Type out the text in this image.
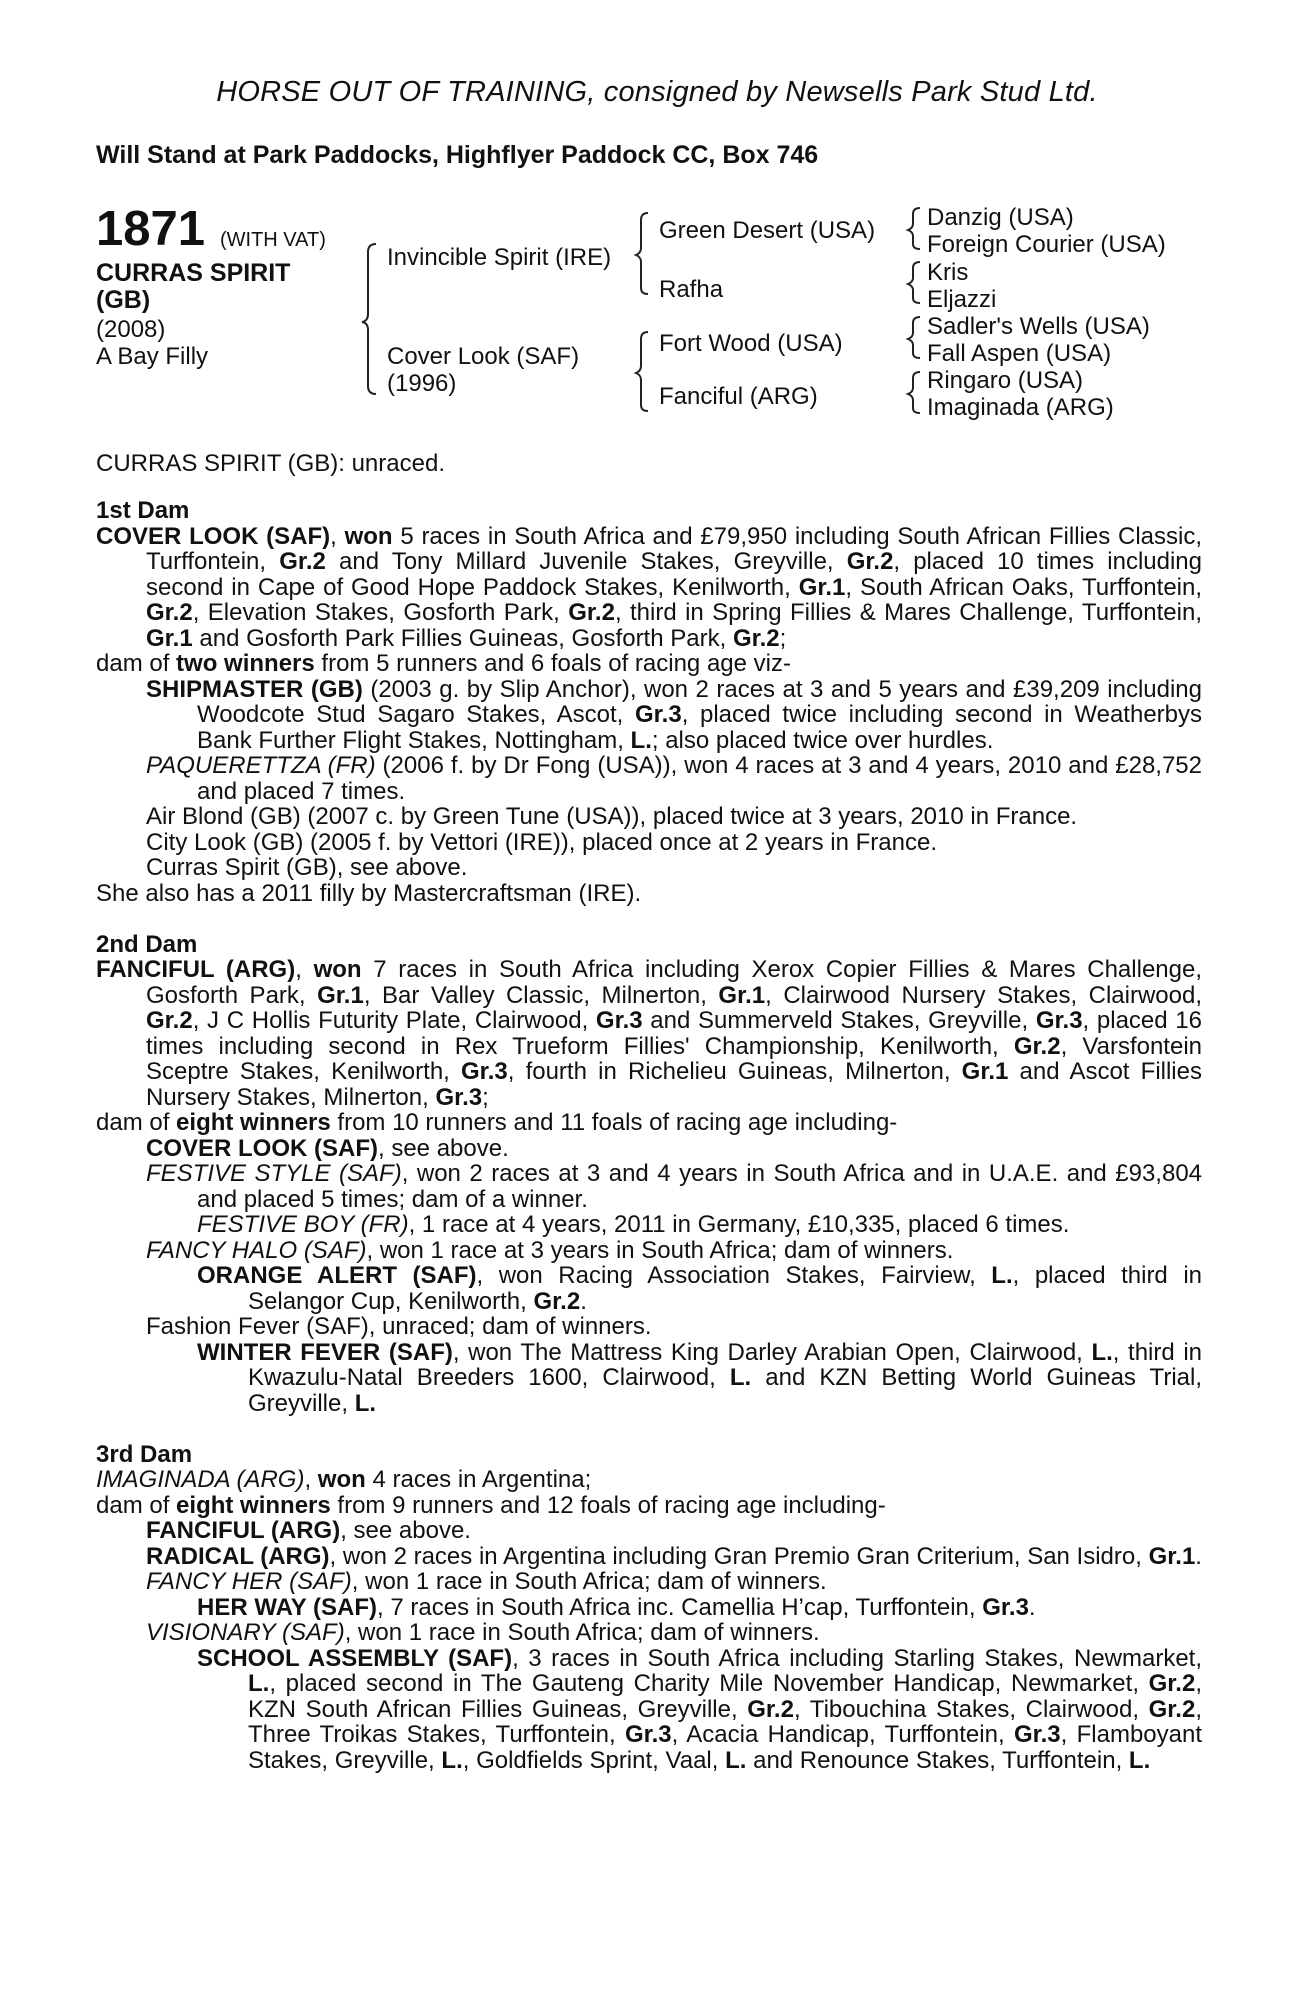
HORSE OUT OF TRAINING, consigned by Newsells Park Stud Ltd.
Will Stand at Park Paddocks, Highflyer Paddock CC, Box 746
1871 (WITH VAT)
CURRAS SPIRIT
(GB)
(2008)
A Bay Filly
Invincible Spirit (IRE)
Cover Look (SAF)
(1996)
Green Desert (USA)
Rafha
Fort Wood (USA)
Fanciful (ARG)
Danzig (USA)
Foreign Courier (USA)
Kris
Eljazzi
Sadler's Wells (USA)
Fall Aspen (USA)
Ringaro (USA)
Imaginada (ARG)
CURRAS SPIRIT (GB): unraced.

1st Dam

COVER LOOK (SAF), won 5 races in South Africa and £79,950 including South African Fillies Classic, Turffontein, Gr.2 and Tony Millard Juvenile Stakes, Greyville, Gr.2, placed 10 times including second in Cape of Good Hope Paddock Stakes, Kenilworth, Gr.1, South African Oaks, Turffontein, Gr.2, Elevation Stakes, Gosforth Park, Gr.2, third in Spring Fillies & Mares Challenge, Turffontein, Gr.1 and Gosforth Park Fillies Guineas, Gosforth Park, Gr.2;

dam of two winners from 5 runners and 6 foals of racing age viz-

SHIPMASTER (GB) (2003 g. by Slip Anchor), won 2 races at 3 and 5 years and £39,209 including Woodcote Stud Sagaro Stakes, Ascot, Gr.3, placed twice including second in Weatherbys Bank Further Flight Stakes, Nottingham, L.; also placed twice over hurdles.

PAQUERETTZA (FR) (2006 f. by Dr Fong (USA)), won 4 races at 3 and 4 years, 2010 and £28,752 and placed 7 times.

Air Blond (GB) (2007 c. by Green Tune (USA)), placed twice at 3 years, 2010 in France.

City Look (GB) (2005 f. by Vettori (IRE)), placed once at 2 years in France.

Curras Spirit (GB), see above.

She also has a 2011 filly by Mastercraftsman (IRE).

2nd Dam

FANCIFUL (ARG), won 7 races in South Africa including Xerox Copier Fillies & Mares Challenge, Gosforth Park, Gr.1, Bar Valley Classic, Milnerton, Gr.1, Clairwood Nursery Stakes, Clairwood, Gr.2, J C Hollis Futurity Plate, Clairwood, Gr.3 and Summerveld Stakes, Greyville, Gr.3, placed 16 times including second in Rex Trueform Fillies' Championship, Kenilworth, Gr.2, Varsfontein Sceptre Stakes, Kenilworth, Gr.3, fourth in Richelieu Guineas, Milnerton, Gr.1 and Ascot Fillies Nursery Stakes, Milnerton, Gr.3;

dam of eight winners from 10 runners and 11 foals of racing age including-

COVER LOOK (SAF), see above.

FESTIVE STYLE (SAF), won 2 races at 3 and 4 years in South Africa and in U.A.E. and £93,804 and placed 5 times; dam of a winner.

FESTIVE BOY (FR), 1 race at 4 years, 2011 in Germany, £10,335, placed 6 times.

FANCY HALO (SAF), won 1 race at 3 years in South Africa; dam of winners.

ORANGE ALERT (SAF), won Racing Association Stakes, Fairview, L., placed third in Selangor Cup, Kenilworth, Gr.2.

Fashion Fever (SAF), unraced; dam of winners.

WINTER FEVER (SAF), won The Mattress King Darley Arabian Open, Clairwood, L., third in Kwazulu-Natal Breeders 1600, Clairwood, L. and KZN Betting World Guineas Trial, Greyville, L.

3rd Dam

IMAGINADA (ARG), won 4 races in Argentina;

dam of eight winners from 9 runners and 12 foals of racing age including-

FANCIFUL (ARG), see above.

RADICAL (ARG), won 2 races in Argentina including Gran Premio Gran Criterium, San Isidro, Gr.1.

FANCY HER (SAF), won 1 race in South Africa; dam of winners.

HER WAY (SAF), 7 races in South Africa inc. Camellia H’cap, Turffontein, Gr.3.

VISIONARY (SAF), won 1 race in South Africa; dam of winners.

SCHOOL ASSEMBLY (SAF), 3 races in South Africa including Starling Stakes, Newmarket, L., placed second in The Gauteng Charity Mile November Handicap, Newmarket, Gr.2, KZN South African Fillies Guineas, Greyville, Gr.2, Tibouchina Stakes, Clairwood, Gr.2, Three Troikas Stakes, Turffontein, Gr.3, Acacia Handicap, Turffontein, Gr.3, Flamboyant Stakes, Greyville, L., Goldfields Sprint, Vaal, L. and Renounce Stakes, Turffontein, L.
